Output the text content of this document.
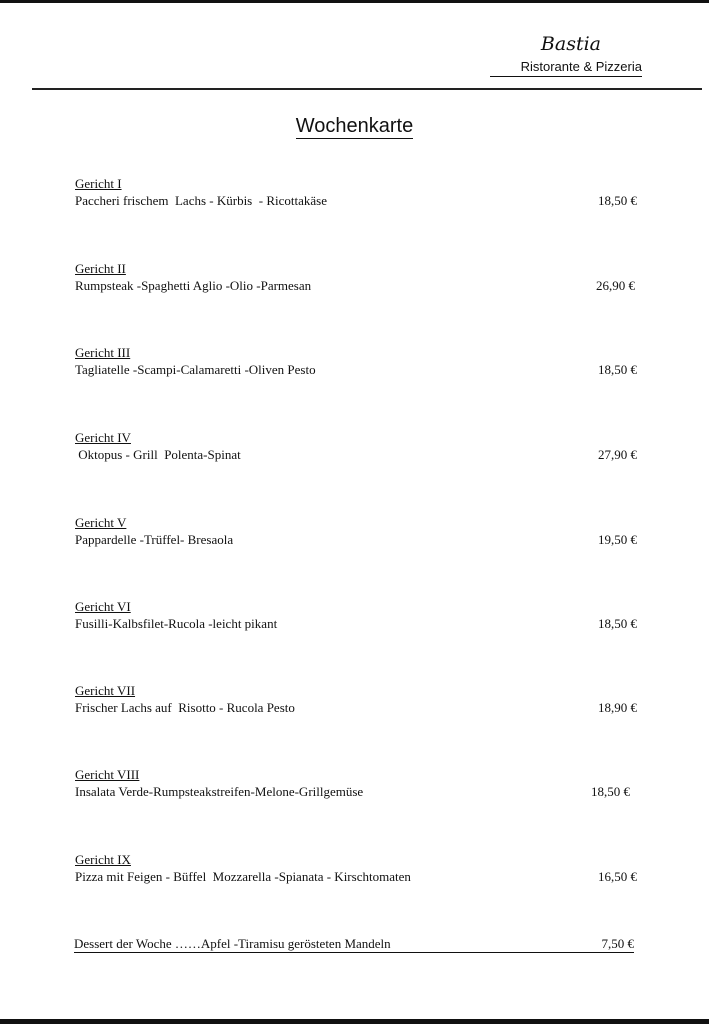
Bastia
Ristorante & Pizzeria
Wochenkarte
Gericht I
Paccheri frischem  Lachs - Kürbis  - Ricottakäse	18,50 €
Gericht II
Rumpsteak -Spaghetti Aglio -Olio -Parmesan	26,90 €
Gericht III
Tagliatelle -Scampi-Calamaretti -Oliven Pesto	18,50 €
Gericht IV
Oktopus - Grill  Polenta-Spinat	27,90 €
Gericht V
Pappardelle -Trüffel- Bresaola	19,50 €
Gericht VI
Fusilli-Kalbsfilet-Rucola -leicht pikant	18,50 €
Gericht VII
Frischer Lachs auf  Risotto - Rucola Pesto	18,90 €
Gericht VIII
Insalata Verde-Rumpsteakstreifen-Melone-Grillgemüse	18,50 €
Gericht IX
Pizza mit Feigen - Büffel  Mozzarella -Spianata - Kirschtomaten	16,50 €
Dessert der Woche ……Apfel -Tiramisu gerösteten Mandeln	7,50 €
